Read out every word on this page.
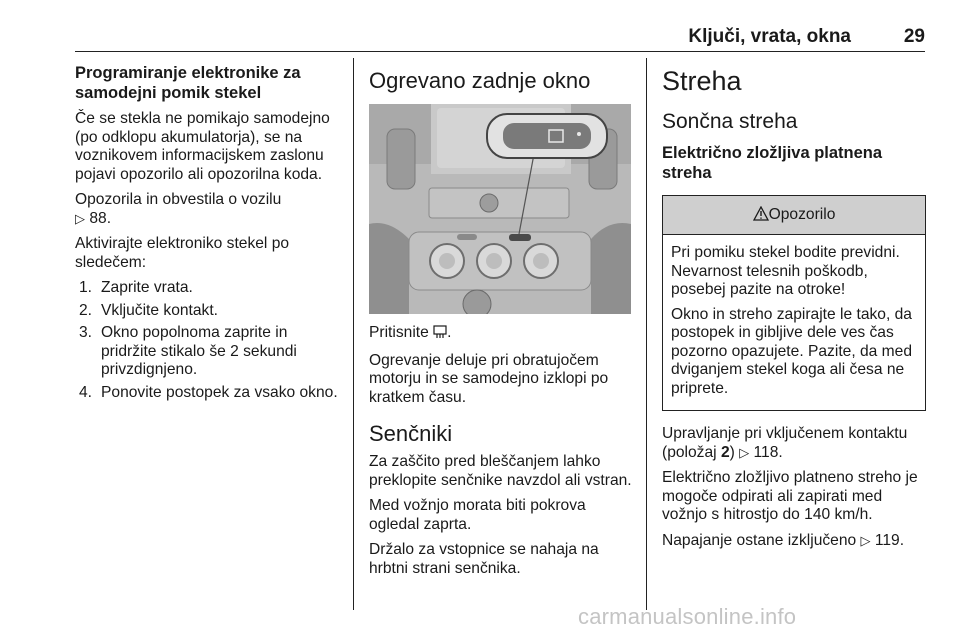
Ključi, vrata, okna	29
Programiranje elektronike za samodejni pomik stekel

Če se stekla ne pomikajo samodejno (po odklopu akumulatorja), se na voznikovem informacijskem zaslonu pojavi opozorilo ali opozorilna koda.

Opozorila in obvestila o vozilu
▷ 88.

Aktivirajte elektroniko stekel po sledečem:

1. Zaprite vrata.
2. Vključite kontakt.
3. Okno popolnoma zaprite in pridržite stikalo še 2 sekundi privzdignjeno.
4. Ponovite postopek za vsako okno.
Ogrevano zadnje okno

Pritisnite .

Ogrevanje deluje pri obratujočem motorju in se samodejno izklopi po kratkem času.

Senčniki

Za zaščito pred bleščanjem lahko preklopite senčnike navzdol ali vstran.

Med vožnjo morata biti pokrova ogledal zaprta.

Držalo za vstopnice se nahaja na hrbtni strani senčnika.

Streha
Sončna streha
Električno zložljiva platnena streha
Opozorilo

Pri pomiku stekel bodite previdni. Nevarnost telesnih poškodb, posebej pazite na otroke!

Okno in streho zapirajte le tako, da postopek in gibljive dele ves čas pozorno opazujete. Pazite, da med dviganjem stekel koga ali česa ne priprete.

Upravljanje pri vključenem kontaktu (položaj 2) ▷ 118.

Električno zložljivo platneno streho je mogoče odpirati ali zapirati med vožnjo s hitrostjo do 140 km/h.

Napajanje ostane izključeno ▷ 119.

carmanualsonline.info
